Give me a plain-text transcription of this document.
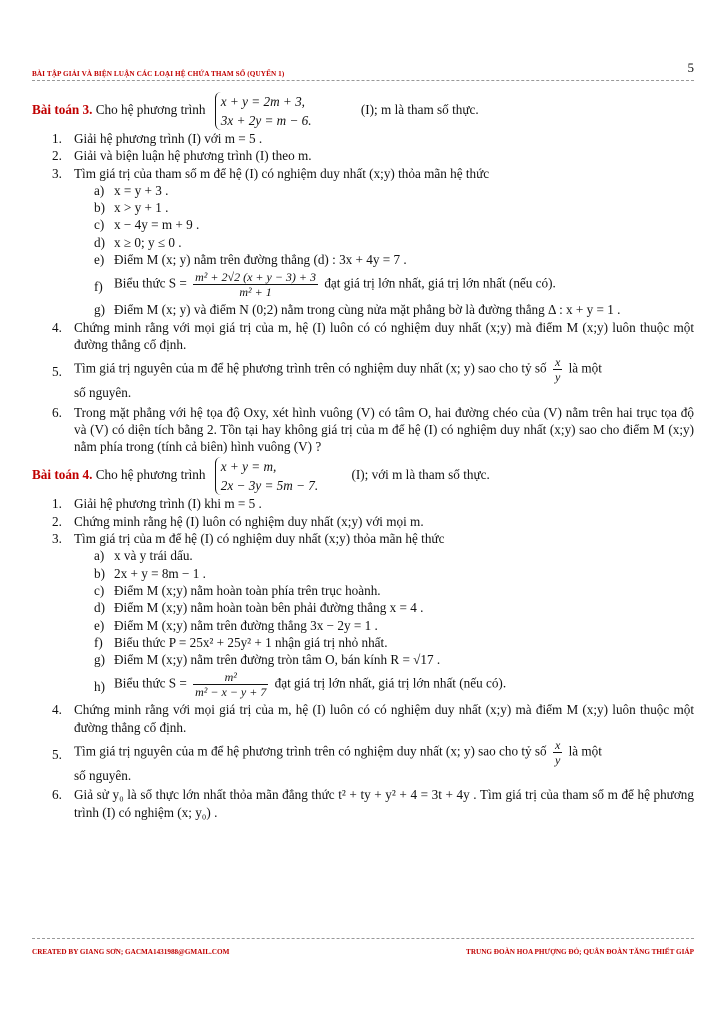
BÀI TẬP GIẢI VÀ BIỆN LUẬN CÁC LOẠI HỆ CHỨA THAM SỐ (QUYỂN 1)	5
Bài toán 3. Cho hệ phương trình
x + y = 2m + 3,
3x + 2y = m − 6.
(I); m là tham số thực.
1. Giải hệ phương trình (I) với m = 5 .
2. Giải và biện luận hệ phương trình (I) theo m.
3. Tìm giá trị của tham số m để hệ (I) có nghiệm duy nhất (x;y) thỏa mãn hệ thức
a) x = y + 3 .
b) x > y + 1 .
c) x − 4y = m + 9 .
d) x ≥ 0; y ≤ 0 .
e) Điểm M (x; y) nằm trên đường thẳng (d) : 3x + 4y = 7 .
f) Biểu thức $S = \frac{\text{m² + 2√2 (x + y − 3) + 3}}{\text{m² + 1}}$ đạt giá trị lớn nhất, giá trị lớn nhất (nếu có).
g) Điểm M (x; y) và điểm N (0;2) nằm trong cùng nửa mặt phẳng bờ là đường thẳng Δ : x + y = 1 .
4. Chứng minh rằng với mọi giá trị của m, hệ (I) luôn có có nghiệm duy nhất (x;y) mà điểm M (x;y) luôn thuộc một đường thẳng cố định.
5. Tìm giá trị nguyên của m để hệ phương trình trên có nghiệm duy nhất (x; y) sao cho tỷ số $\frac{x}{y}$ là một
số nguyên.
6. Trong mặt phẳng với hệ tọa độ Oxy, xét hình vuông (V) có tâm O, hai đường chéo của (V) nằm trên hai trục tọa độ và (V) có diện tích bằng 2. Tồn tại hay không giá trị của m để hệ (I) có nghiệm duy nhất (x;y) sao cho điểm M (x;y) nằm phía trong (tính cả biên) hình vuông (V) ?
Bài toán 4. Cho hệ phương trình
x + y = m,
2x − 3y = 5m − 7.
(I); với m là tham số thực.
1. Giải hệ phương trình (I) khi m = 5 .
2. Chứng minh rằng hệ (I) luôn có nghiệm duy nhất (x;y) với mọi m.
3. Tìm giá trị của m để hệ (I) có nghiệm duy nhất (x;y) thỏa mãn hệ thức
a) x và y trái dấu.
b) 2x + y = 8m − 1 .
c) Điểm M (x;y) nằm hoàn toàn phía trên trục hoành.
d) Điểm M (x;y) nằm hoàn toàn bên phải đường thẳng x = 4 .
e) Điểm M (x;y) nằm trên đường thẳng 3x − 2y = 1 .
f) Biểu thức P = 25x² + 25y² + 1 nhận giá trị nhỏ nhất.
g) Điểm M (x;y) nằm trên đường tròn tâm O, bán kính R = √17 .
h) Biểu thức $S = \frac{\text{m²}}{\text{m² − x − y + 7}}$ đạt giá trị lớn nhất, giá trị lớn nhất (nếu có).
4. Chứng minh rằng với mọi giá trị của m, hệ (I) luôn có có nghiệm duy nhất (x;y) mà điểm M (x;y) luôn thuộc một đường thẳng cố định.
5. Tìm giá trị nguyên của m để hệ phương trình trên có nghiệm duy nhất (x; y) sao cho tỷ số $\frac{x}{y}$ là một
số nguyên.
6. Giả sử y₀ là số thực lớn nhất thỏa mãn đẳng thức t² + ty + y² + 4 = 3t + 4y . Tìm giá trị của tham số m để hệ phương trình (I) có nghiệm (x; y₀) .
CREATED BY GIANG SƠN; GACMA1431988@GMAIL.COM	TRUNG ĐOÀN HOA PHƯỢNG ĐỎ; QUÂN ĐOÀN TĂNG THIẾT GIÁP
